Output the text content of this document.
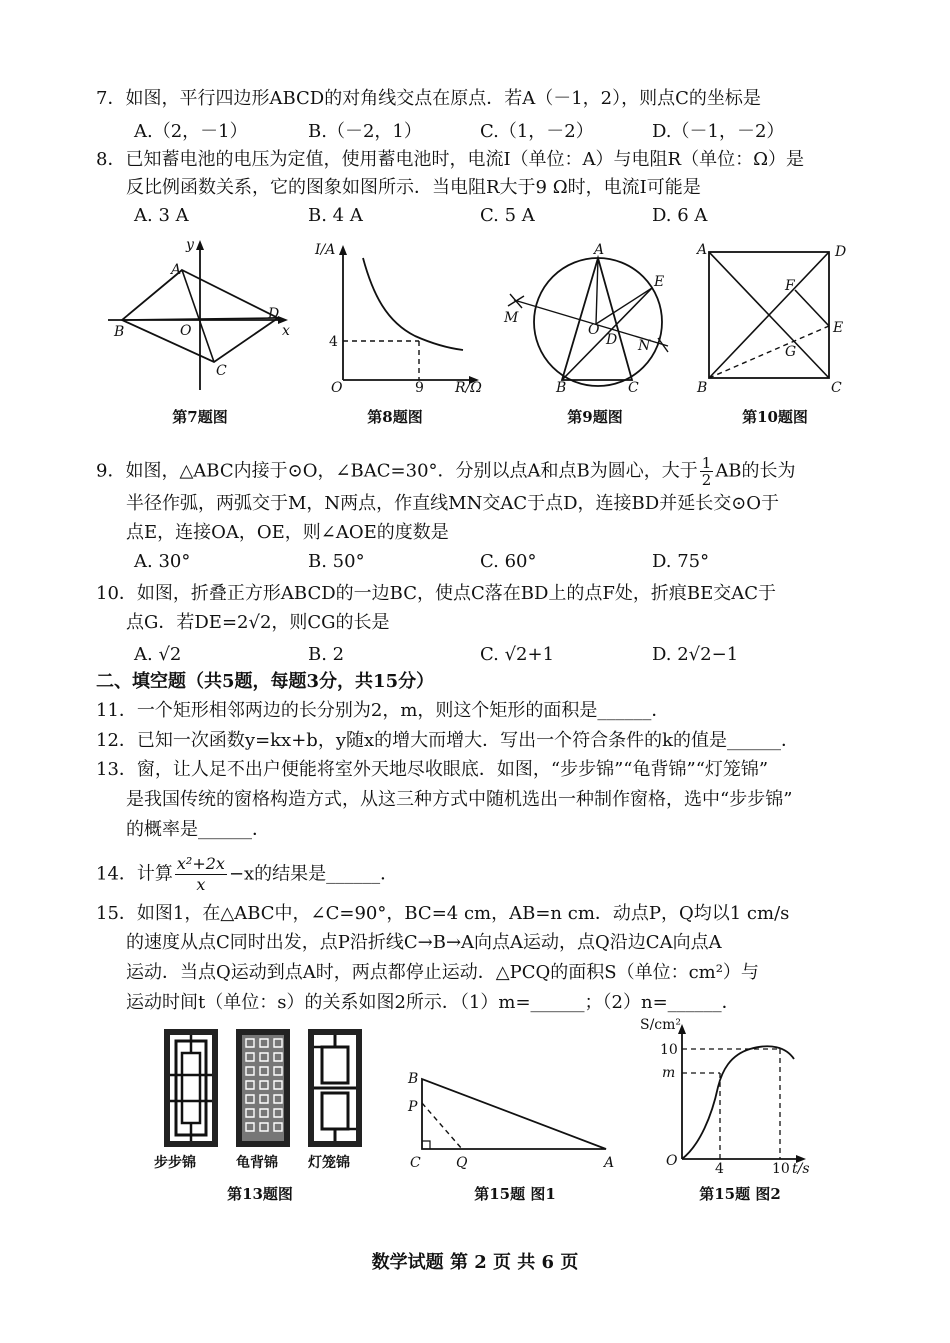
7．如图，平行四边形ABCD的对角线交点在原点．若A（－1，2），则点C的坐标是
A.（2，－1）	B.（－2，1）	C.（1，－2）	D.（－1，－2）
8．已知蓄电池的电压为定值，使用蓄电池时，电流I（单位：A）与电阻R（单位：Ω）是
反比例函数关系，它的图象如图所示．当电阻R大于9 Ω时，电流I可能是
A. 3 A	B. 4 A	C. 5 A	D. 6 A
y
A
B	O
D
x
C
第7题图
I/A
4
O	9 R/Ω
第8题图
A
E
M
O
D N
B	C
第9题图
A	D
F
E
G
B	C
第10题图
9．如图，△ABC内接于⊙O，∠BAC=30°．分别以点A和点B为圆心，大于 $\frac{1}{2}$ AB的长为
半径作弧，两弧交于M，N两点，作直线MN交AC于点D，连接BD并延长交⊙O于
点E，连接OA，OE，则∠AOE的度数是
A. 30°	B. 50°	C. 60°	D. 75°
10．如图，折叠正方形ABCD的一边BC，使点C落在BD上的点F处，折痕BE交AC于
点G．若DE=2√2，则CG的长是
A. √2	B. 2	C. √2+1	D. 2√2−1
二、填空题（共5题，每题3分，共15分）
11．一个矩形相邻两边的长分别为2，m，则这个矩形的面积是______．
12．已知一次函数y=kx+b，y随x的增大而增大．写出一个符合条件的k的值是______．
13．窗，让人足不出户便能将室外天地尽收眼底．如图，“步步锦”“龟背锦”“灯笼锦”
是我国传统的窗格构造方式，从这三种方式中随机选出一种制作窗格，选中“步步锦”
的概率是______．
14．计算 $\frac{\text{x²+2x}}{x} -x$的结果是______．
15．如图1，在△ABC中，∠C=90°，BC=4 cm，AB=n cm．动点P，Q均以1 cm/s
的速度从点C同时出发，点P沿折线C→B→A向点A运动，点Q沿边CA向点A
运动．当点Q运动到点A时，两点都停止运动．△PCQ的面积S（单位：cm²）与
运动时间t（单位：s）的关系如图2所示．（1）m=______；（2）n=______．
步步锦	龟背锦 灯笼锦
第13题图
B
P
C	Q	A
第15题 图1
S/cm²
10
m
O	4	10 t/s
第15题 图2
数学试题 第 2 页 共 6 页
